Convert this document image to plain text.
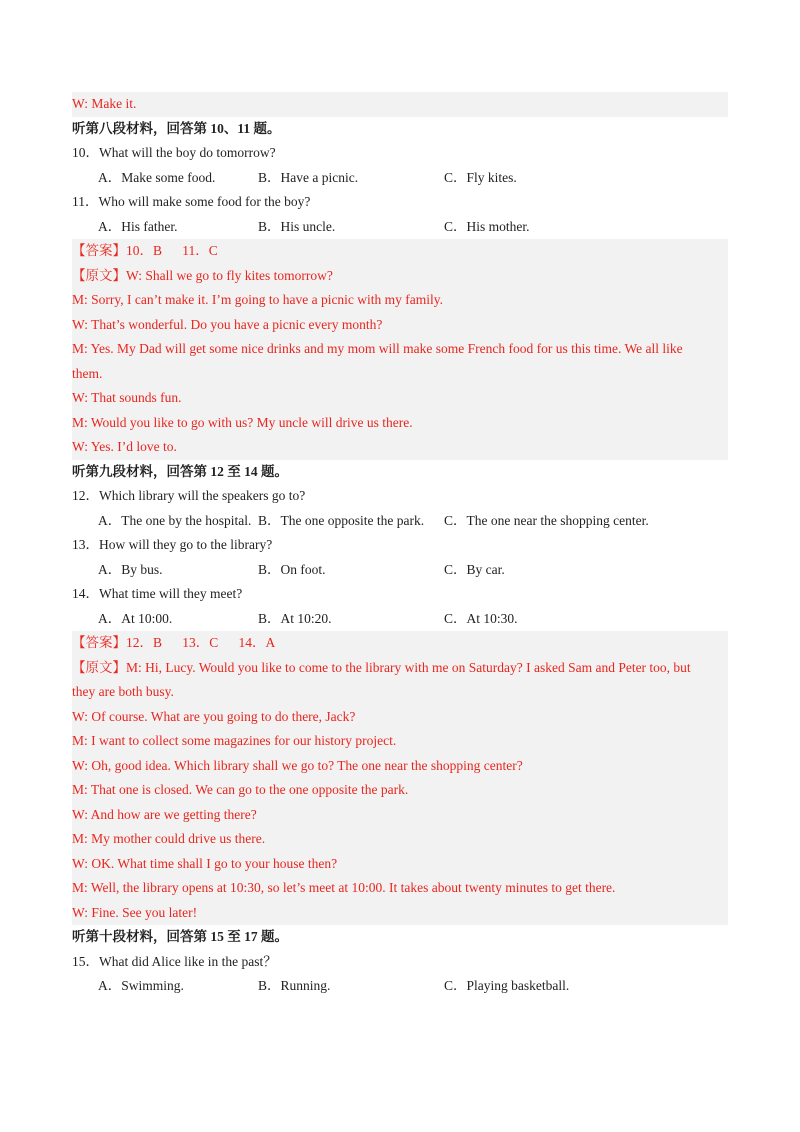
W: Make it.
听第八段材料，回答第 10、11 题。
10．What will the boy do tomorrow?
A．Make some food.	B．Have a picnic.	C．Fly kites.
11．Who will make some food for the boy?
A．His father.	B．His uncle.	C．His mother.
【答案】10．B      11．C
【原文】W: Shall we go to fly kites tomorrow?
M: Sorry, I can’t make it. I’m going to have a picnic with my family.
W: That’s wonderful. Do you have a picnic every month?
M: Yes. My Dad will get some nice drinks and my mom will make some French food for us this time. We all like
them.
W: That sounds fun.
M: Would you like to go with us? My uncle will drive us there.
W: Yes. I’d love to.
听第九段材料，回答第 12 至 14 题。
12．Which library will the speakers go to?
A．The one by the hospital. B．The one opposite the park. C．The one near the shopping center.
13．How will they go to the library?
A．By bus.	B．On foot.	C．By car.
14．What time will they meet?
A．At 10:00.	B．At 10:20.	C．At 10:30.
【答案】12．B      13．C      14．A
【原文】M: Hi, Lucy. Would you like to come to the library with me on Saturday? I asked Sam and Peter too, but
they are both busy.
W: Of course. What are you going to do there, Jack?
M: I want to collect some magazines for our history project.
W: Oh, good idea. Which library shall we go to? The one near the shopping center?
M: That one is closed. We can go to the one opposite the park.
W: And how are we getting there?
M: My mother could drive us there.
W: OK. What time shall I go to your house then?
M: Well, the library opens at 10:30, so let’s meet at 10:00. It takes about twenty minutes to get there.
W: Fine. See you later!
听第十段材料，回答第 15 至 17 题。
15．What did Alice like in the past？
A．Swimming.	B．Running.	C．Playing basketball.
